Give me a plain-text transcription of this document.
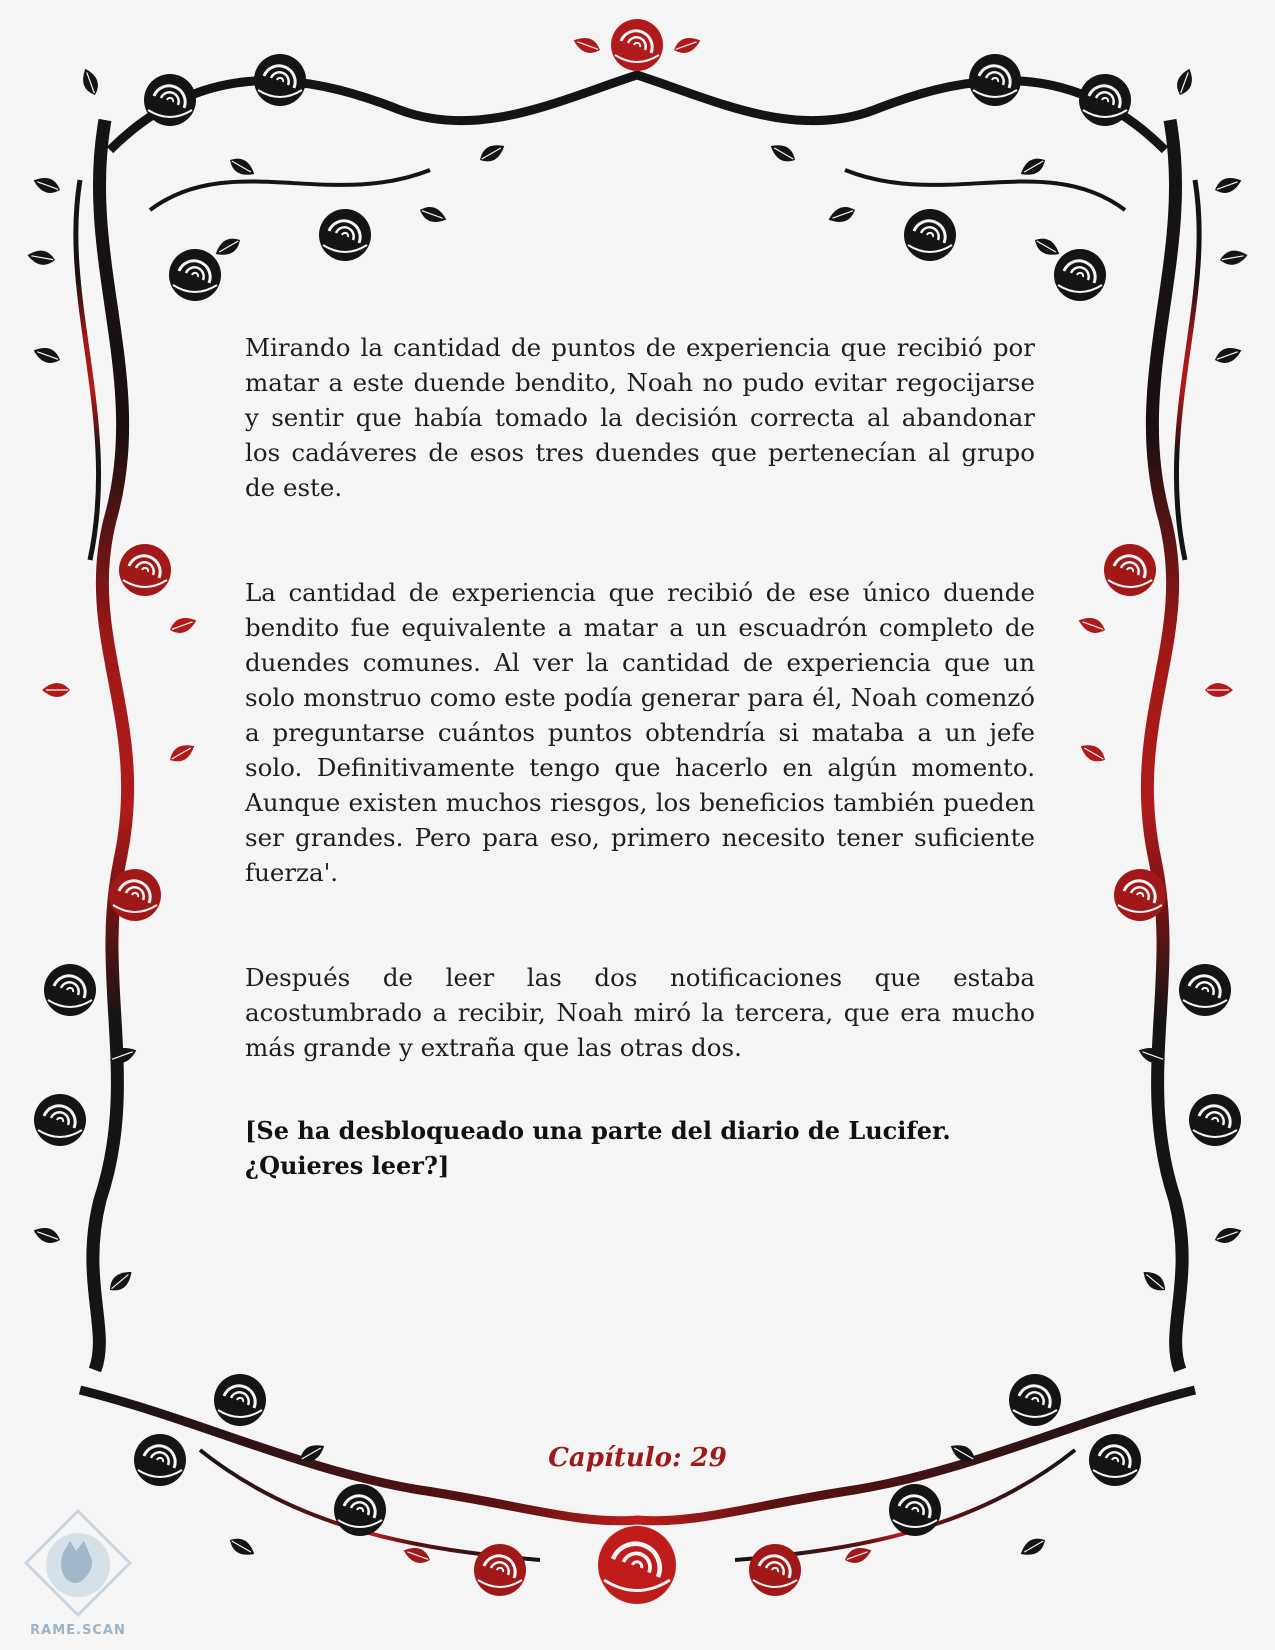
Mirando la cantidad de puntos de experiencia que recibió por matar a este duende bendito, Noah no pudo evitar regocijarse y sentir que había tomado la decisión correcta al abandonar los cadáveres de esos tres duendes que pertenecían al grupo de este.

La cantidad de experiencia que recibió de ese único duende bendito fue equivalente a matar a un escuadrón completo de duendes comunes. Al ver la cantidad de experiencia que un solo monstruo como este podía generar para él, Noah comenzó a preguntarse cuántos puntos obtendría si mataba a un jefe solo. Definitivamente tengo que hacerlo en algún momento. Aunque existen muchos riesgos, los beneficios también pueden ser grandes. Pero para eso, primero necesito tener suficiente fuerza'.

Después de leer las dos notificaciones que estaba acostumbrado a recibir, Noah miró la tercera, que era mucho más grande y extraña que las otras dos.

[Se ha desbloqueado una parte del diario de Lucifer. ¿Quieres leer?]

Capítulo: 29
RAME.SCAN
